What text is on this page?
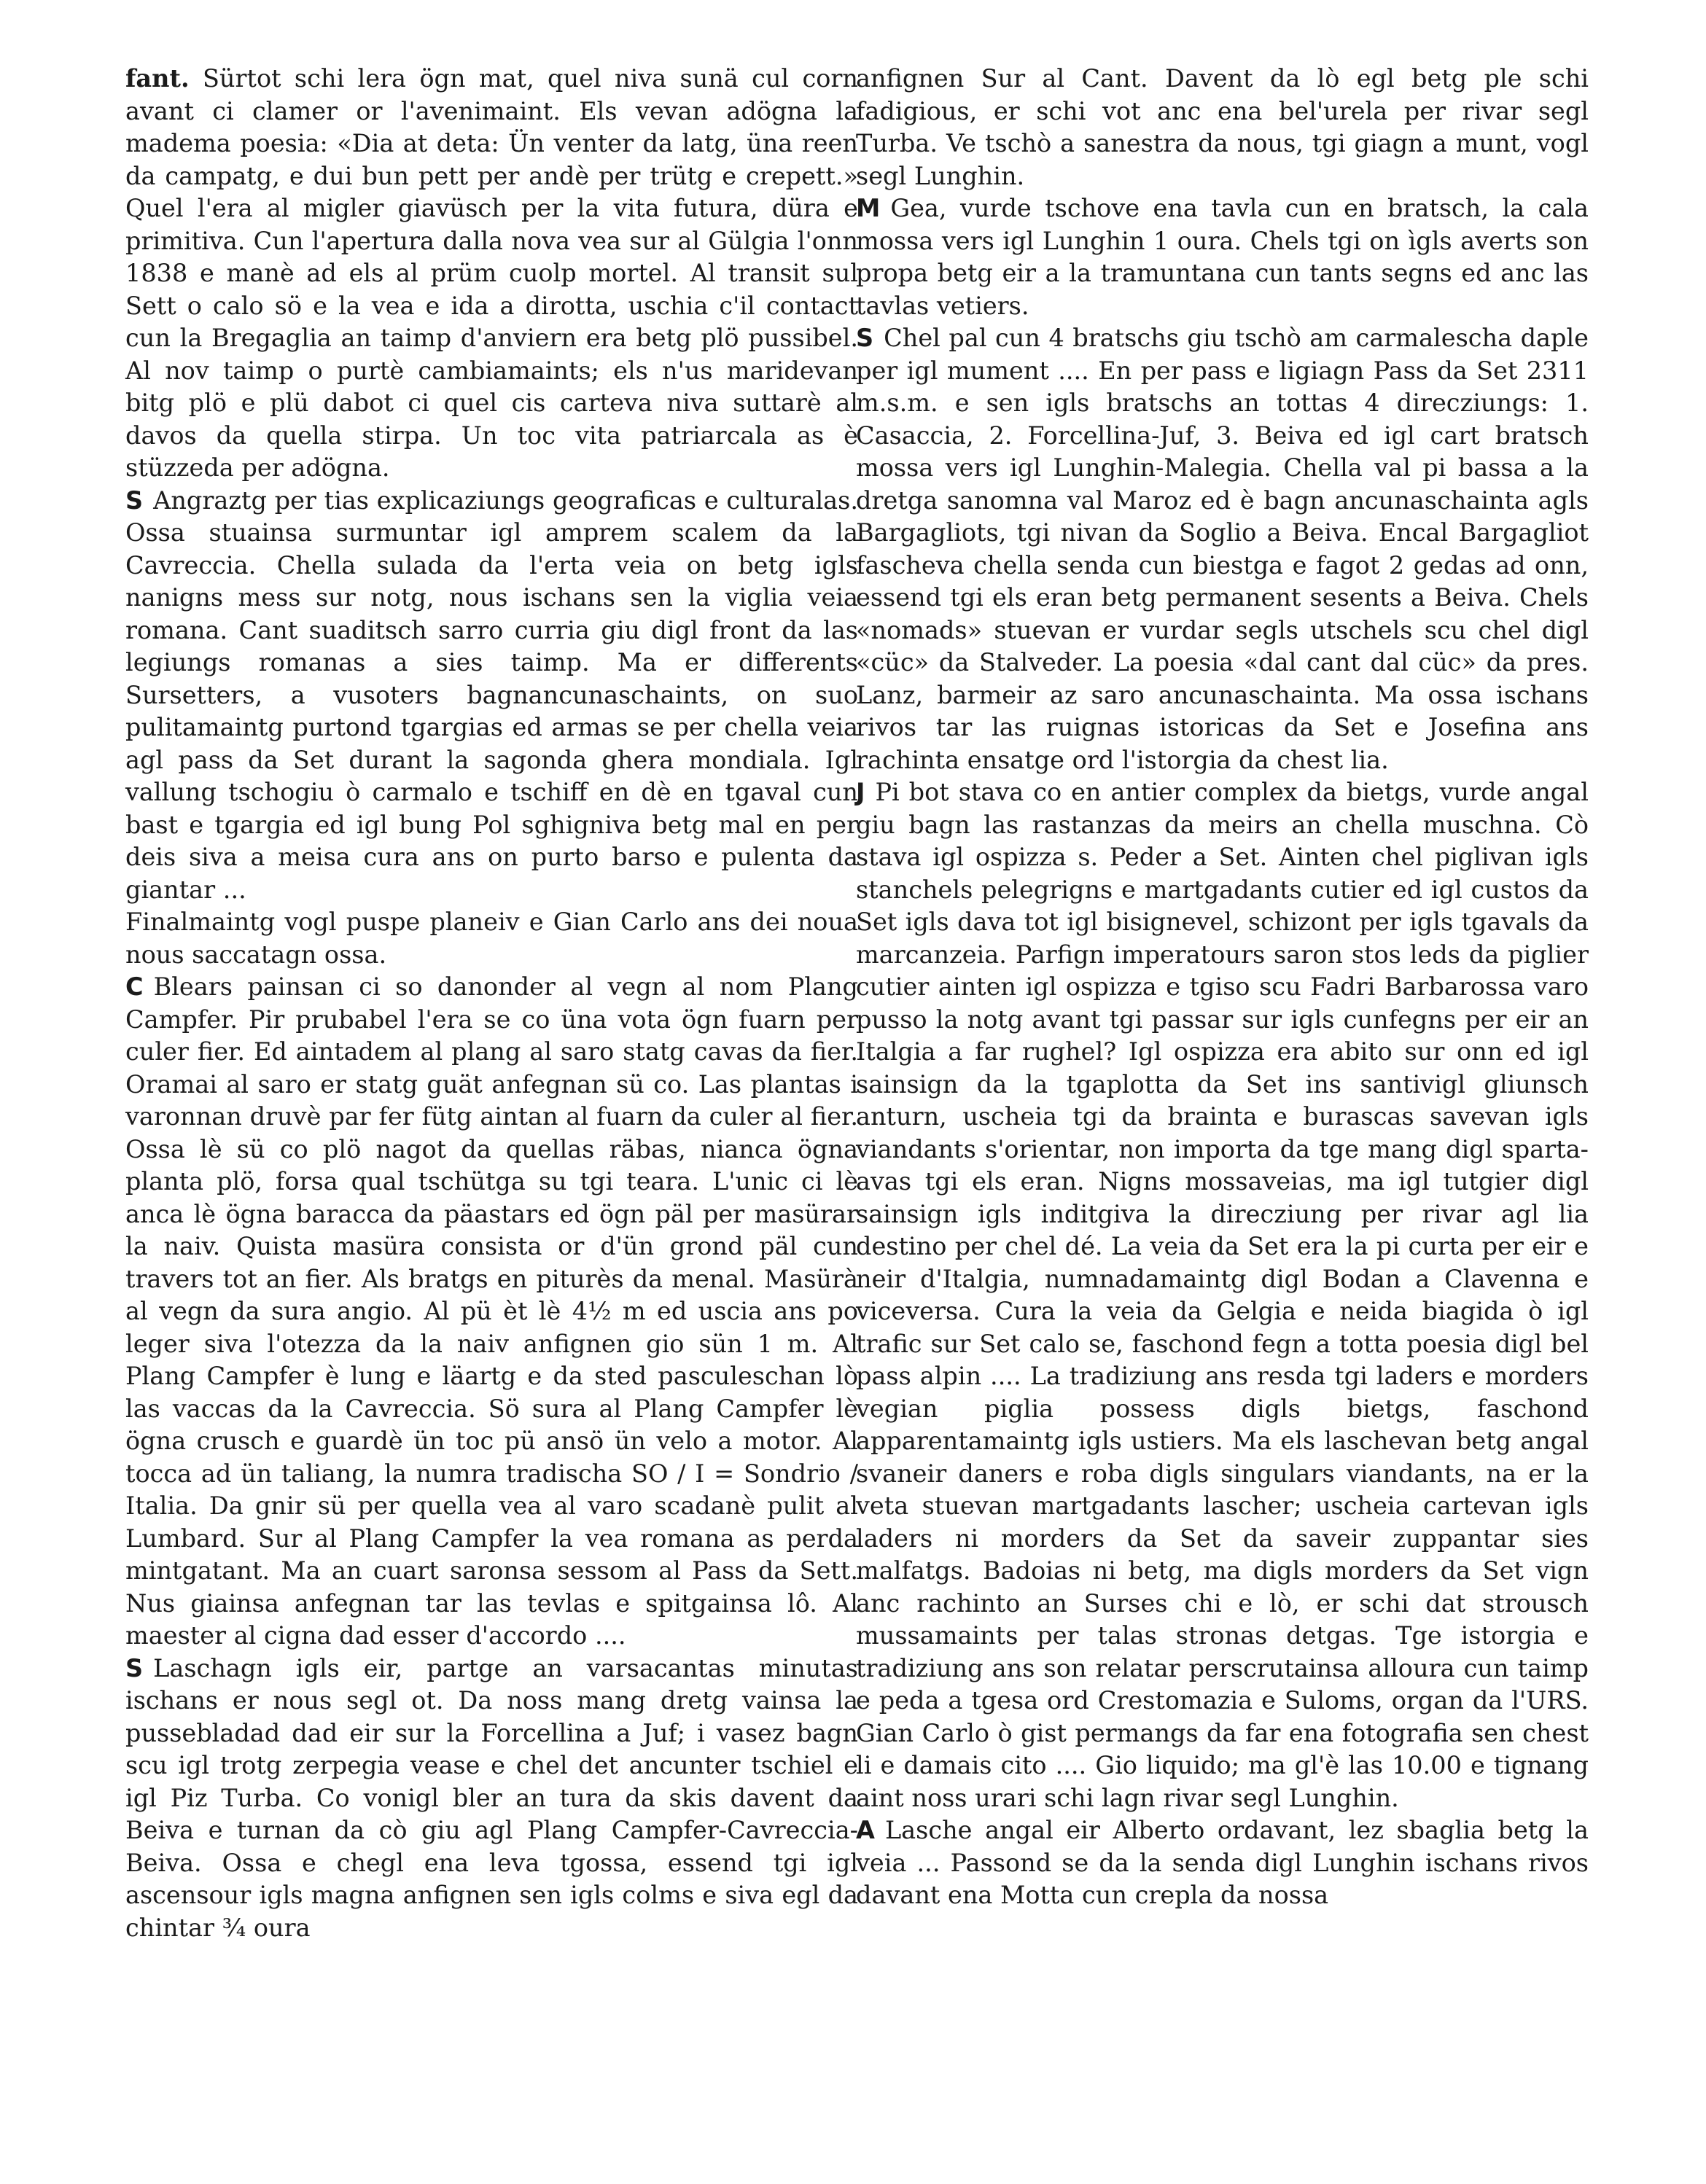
fant. Sürtot schi lera ögn mat, quel niva sunä cul corn avant ci clamer or l'avenimaint. Els vevan adögna la madema poesia: «Dia at deta: Ün venter da latg, üna reen da campatg, e dui bun pett per andè per trütg e crepett.» Quel l'era al migler giavüsch per la vita futura, düra e primitiva. Cun l'apertura dalla nova vea sur al Gülgia l'onn 1838 e manè ad els al prüm cuolp mortel. Al transit sul Sett o calo sö e la vea e ida a dirotta, uschia c'il contact cun la Bregaglia an taimp d'anviern era betg plö pussibel. Al nov taimp o purtè cambiamaints; els n'us maridevan bitg plö e plü dabot ci quel cis carteva niva suttarè al davos da quella stirpa. Un toc vita patriarcala as è stüzzeda per adögna.

S Angraztg per tias explicaziungs geograficas e culturalas. Ossa stuainsa surmuntar igl amprem scalem da la Cavreccia. Chella sulada da l'erta veia on betg igls nanigns mess sur notg, nous ischans sen la viglia veia romana. Cant suaditsch sarro curria giu digl front da las legiungs romanas a sies taimp. Ma er differents Sursetters, a vusoters bagnancunaschaints, on suo pulitamaintg purtond tgargias ed armas se per chella veia agl pass da Set durant la sagonda ghera mondiala. Igl vallung tschogiu ò carmalo e tschiff en dè en tgaval cun bast e tgargia ed igl bung Pol sghigniva betg mal en per deis siva a meisa cura ans on purto barso e pulenta da giantar ...

Finalmaintg vogl puspe planeiv e Gian Carlo ans dei noua nous saccatagn ossa.

C Blears painsan ci so danonder al vegn al nom Plang Campfer. Pir prubabel l'era se co üna vota ögn fuarn per culer fier. Ed aintadem al plang al saro statg cavas da fier. Oramai al saro er statg guät anfegnan sü co. Las plantas i varonnan druvè par fer fütg aintan al fuarn da culer al fier. Ossa lè sü co plö nagot da quellas räbas, nianca ögna planta plö, forsa qual tschütga su tgi teara. L'unic ci lè anca lè ögna baracca da päastars ed ögn päl per masürar la naiv. Quista masüra consista or d'ün grond päl cun travers tot an fier. Als bratgs en piturès da menal. Masürà al vegn da sura angio. Al pü èt lè 4½ m ed uscia ans po leger siva l'otezza da la naiv anfignen gio sün 1 m. Al Plang Campfer è lung e läartg e da sted pasculeschan lò las vaccas da la Cavreccia. Sö sura al Plang Campfer lè ögna crusch e guardè ün toc pü ansö ün velo a motor. Al tocca ad ün taliang, la numra tradischa SO / I = Sondrio / Italia. Da gnir sü per quella vea al varo scadanè pulit al Lumbard. Sur al Plang Campfer la vea romana as perda mintgatant. Ma an cuart saronsa sessom al Pass da Sett. Nus giainsa anfegnan tar las tevlas e spitgainsa lô. Al maester al cigna dad esser d'accordo ....

S Laschagn igls eir, partge an varsacantas minutas ischans er nous segl ot. Da noss mang dretg vainsa la pussebladad dad eir sur la Forcellina a Juf; i vasez bagn scu igl trotg zerpegia vease e chel det ancunter tschiel e igl Piz Turba. Co vonigl bler an tura da skis davent da Beiva e turnan da cò giu agl Plang Campfer-Cavreccia-Beiva. Ossa e chegl ena leva tgossa, essend tgi igl ascensour igls magna anfignen sen igls colms e siva egl da chintar ¾ oura

anfignen Sur al Cant. Davent da lò egl betg ple schi fadigious, er schi vot anc ena bel'urela per rivar segl Turba. Ve tschò a sanestra da nous, tgi giagn a munt, vogl segl Lunghin.

M Gea, vurde tschove ena tavla cun en bratsch, la cala mossa vers igl Lunghin 1 oura. Chels tgi on ìgls averts son propa betg eir a la tramuntana cun tants segns ed anc las tavlas vetiers.

S Chel pal cun 4 bratschs giu tschò am carmalescha daple per igl mument .... En per pass e ligiagn Pass da Set 2311 m.s.m. e sen igls bratschs an tottas 4 direcziungs: 1. Casaccia, 2. Forcellina-Juf, 3. Beiva ed igl cart bratsch mossa vers igl Lunghin-Malegia. Chella val pi bassa a la dretga sanomna val Maroz ed è bagn ancunaschainta agls Bargagliots, tgi nivan da Soglio a Beiva. Encal Bargagliot fascheva chella senda cun biestga e fagot 2 gedas ad onn, essend tgi els eran betg permanent sesents a Beiva. Chels «nomads» stuevan er vurdar segls utschels scu chel digl «cüc» da Stalveder. La poesia «dal cant dal cüc» da pres. Lanz, barmeir az saro ancunaschainta. Ma ossa ischans rivos tar las ruignas istoricas da Set e Josefina ans rachinta ensatge ord l'istorgia da chest lia.

J Pi bot stava co en antier complex da bietgs, vurde angal giu bagn las rastanzas da meirs an chella muschna. Cò stava igl ospizza s. Peder a Set. Ainten chel piglivan igls stanchels pelegrigns e martgadants cutier ed igl custos da Set igls dava tot igl bisignevel, schizont per igls tgavals da marcanzeia. Parfign imperatours saron stos leds da piglier cutier ainten igl ospizza e tgiso scu Fadri Barbarossa varo pusso la notg avant tgi passar sur igls cunfegns per eir an Italgia a far rughel? Igl ospizza era abito sur onn ed igl sainsign da la tgaplotta da Set ins santivigl gliunsch anturn, uscheia tgi da brainta e burascas savevan igls viandants s'orientar, non importa da tge mang digl sparta-avas tgi els eran. Nigns mossaveias, ma igl tutgier digl sainsign igls inditgiva la direcziung per rivar agl lia destino per chel dé. La veia da Set era la pi curta per eir e neir d'Italgia, numnadamaintg digl Bodan a Clavenna e viceversa. Cura la veia da Gelgia e neida biagida ò igl trafic sur Set calo se, faschond fegn a totta poesia digl bel pass alpin .... La tradiziung ans resda tgi laders e morders vegian piglia possess digls bietgs, faschond apparentamaintg igls ustiers. Ma els laschevan betg angal svaneir daners e roba digls singulars viandants, na er la veta stuevan martgadants lascher; uscheia cartevan igls laders ni morders da Set da saveir zuppantar sies malfatgs. Badoias ni betg, ma digls morders da Set vign anc rachinto an Surses chi e lò, er schi dat strousch mussamaints per talas stronas detgas. Tge istorgia e tradiziung ans son relatar perscrutainsa alloura cun taimp e peda a tgesa ord Crestomazia e Suloms, organ da l'URS. Gian Carlo ò gist permangs da far ena fotografia sen chest li e damais cito .... Gio liquido; ma gl'è las 10.00 e tignang aint noss urari schi lagn rivar segl Lunghin.

A Lasche angal eir Alberto ordavant, lez sbaglia betg la veia ... Passond se da la senda digl Lunghin ischans rivos davant ena Motta cun crepla da nossa
